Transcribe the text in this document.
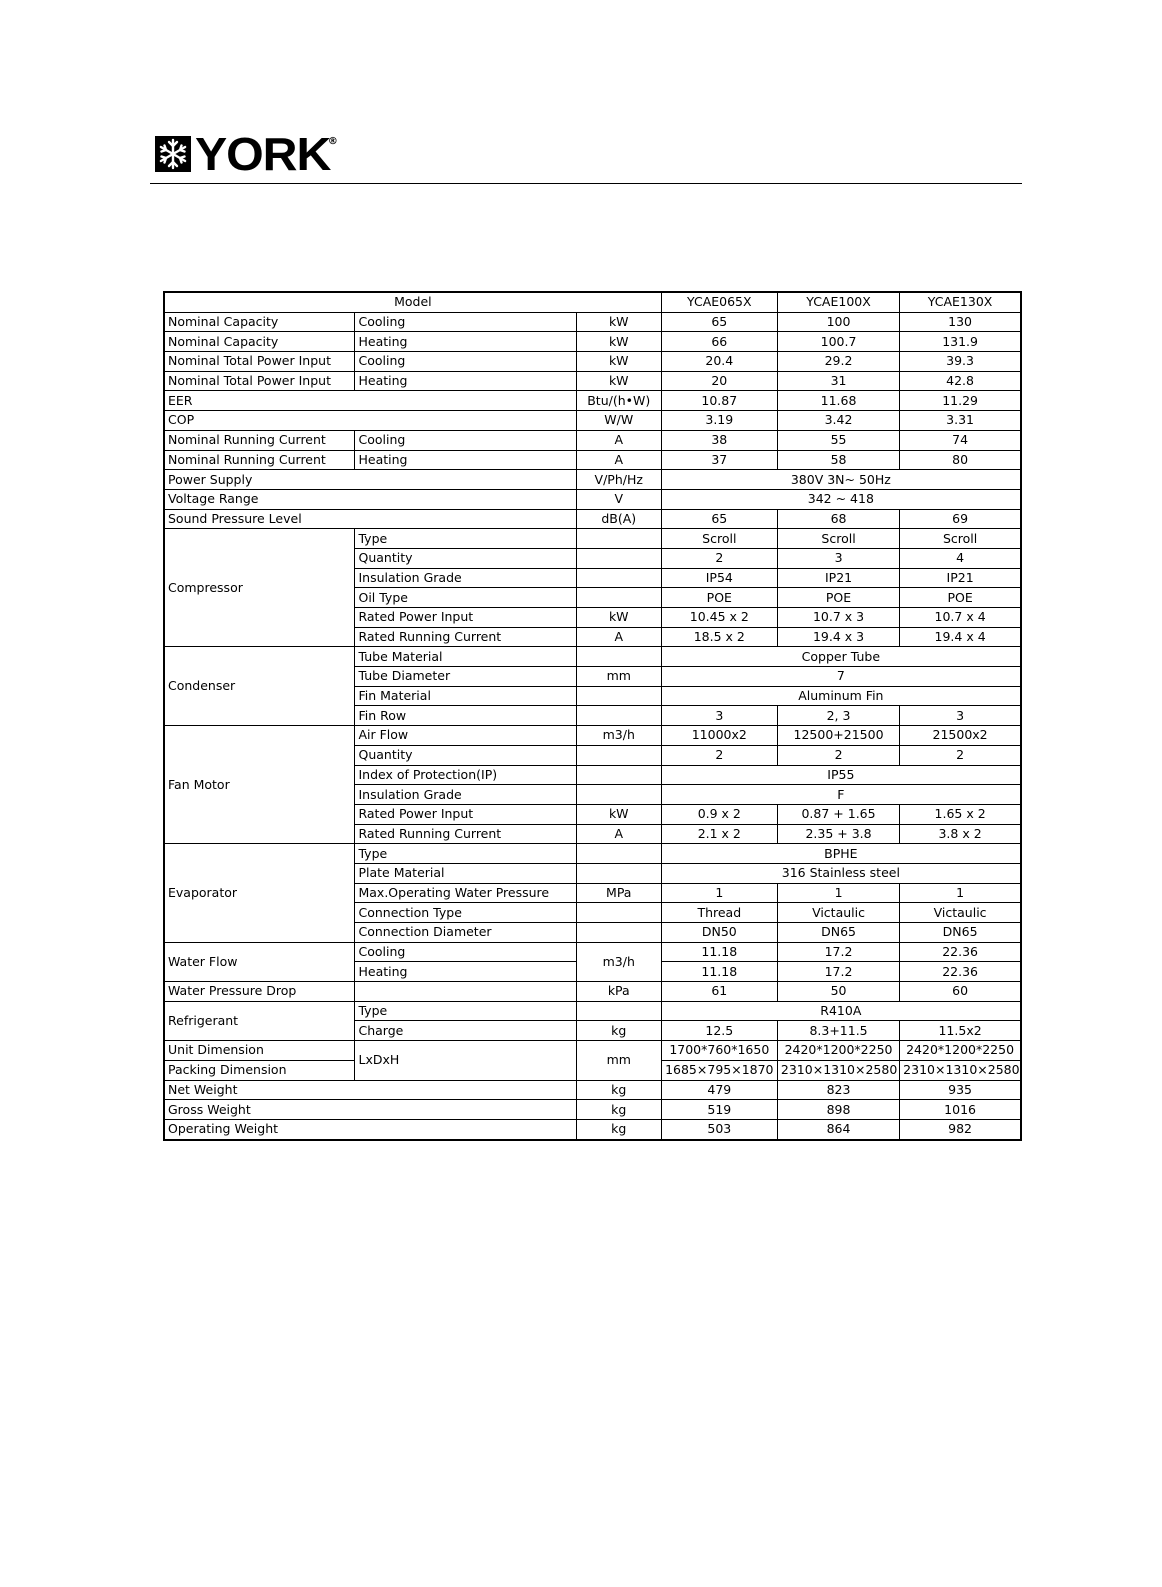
YORK
®
Model			YCAE065X	YCAE100X	YCAE130X
Nominal Capacity	Cooling	kW	65	100	130
Nominal Capacity	Heating	kW	66	100.7	131.9
Nominal Total Power Input	Cooling	kW	20.4	29.2	39.3
Nominal Total Power Input	Heating	kW	20	31	42.8
EER		Btu/(h•W)	10.87	11.68	11.29
COP		W/W	3.19	3.42	3.31
Nominal Running Current	Cooling	A	38	55	74
Nominal Running Current	Heating	A	37	58	80
Power Supply		V/Ph/Hz	380V 3N~ 50Hz		
Voltage Range		V	342 ~ 418		
Sound Pressure Level		dB(A)	65	68	69
Compressor	Type		Scroll	Scroll	Scroll
	Quantity		2	3	4
	Insulation Grade		IP54	IP21	IP21
	Oil Type		POE	POE	POE
	Rated Power Input	kW	10.45 x 2	10.7 x 3	10.7 x 4
	Rated Running Current	A	18.5 x 2	19.4 x 3	19.4 x 4
Condenser	Tube Material		Copper Tube		
	Tube Diameter	mm	7		
	Fin Material		Aluminum Fin		
	Fin Row		3	2, 3	3
Fan Motor	Air Flow	m3/h	11000x2	12500+21500	21500x2
	Quantity		2	2	2
	Index of Protection(IP)		IP55		
	Insulation Grade		F		
	Rated Power Input	kW	0.9 x 2	0.87 + 1.65	1.65 x 2
	Rated Running Current	A	2.1 x 2	2.35 + 3.8	3.8 x 2
Evaporator	Type		BPHE		
	Plate Material		316 Stainless steel		
	Max.Operating Water Pressure	MPa	1	1	1
	Connection Type		Thread	Victaulic	Victaulic
	Connection Diameter		DN50	DN65	DN65
Water Flow	Cooling	m3/h	11.18	17.2	22.36
	Heating		11.18	17.2	22.36
Water Pressure Drop		kPa	61	50	60
Refrigerant	Type		R410A		
	Charge	kg	12.5	8.3+11.5	11.5x2
Unit Dimension	LxDxH	mm	1700*760*1650	2420*1200*2250	2420*1200*2250
Packing Dimension			1685×795×1870	2310×1310×2580	2310×1310×2580
Net Weight		kg	479	823	935
Gross Weight		kg	519	898	1016
Operating Weight		kg	503	864	982
